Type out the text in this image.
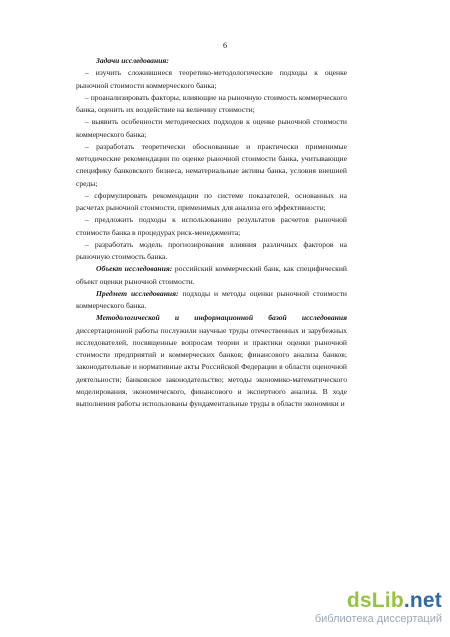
6

Задачи исследования:

– изучить сложившиеся теоретико-методологические подходы к оценке рыночной стоимости коммерческого банка;

– проанализировать факторы, влияющие на рыночную стоимость коммерческого банка, оценить их воздействие на величину стоимости;

– выявить особенности методических подходов к оценке рыночной стоимости коммерческого банка;

– разработать теоретически обоснованные и практически применимые методические рекомендации по оценке рыночной стоимости банка, учитывающие специфику банковского бизнеса, нематериальные активы банка, условия внешней среды;

– сформулировать рекомендации по системе показателей, основанных на расчетах рыночной стоимости, применимых для анализа его эффективности;

– предложить подходы к использованию результатов расчетов рыночной стоимости банка в процедурах риск-менеджмента;

– разработать модель прогнозирования влияния различных факторов на рыночную стоимость банка.

Объект исследования: российский коммерческий банк, как специфический объект оценки рыночной стоимости.

Предмет исследования: подходы и методы оценки рыночной стоимости коммерческого банка.

Методологической и информационной базой исследования диссертационной работы послужили научные труды отечественных и зарубежных исследователей, посвященные вопросам теории и практики оценки рыночной стоимости предприятий и коммерческих банков; финансового анализа банков; законодательные и нормативные акты Российской Федерации в области оценочной деятельности; банковское законодательство; методы экономико-математического моделирования, экономического, финансового и экспертного анализа. В ходе выполнения работы использованы фундаментальные труды в области экономики и

dsLib.net
библиотека диссертаций
